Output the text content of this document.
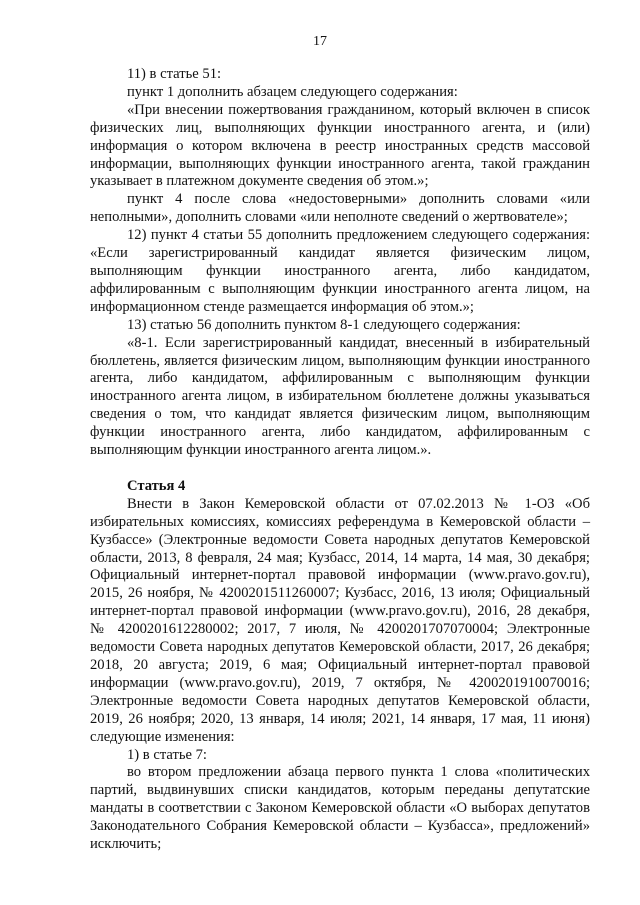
17

11) в статье 51:

пункт 1 дополнить абзацем следующего содержания:

«При внесении пожертвования гражданином, который включен в список физических лиц, выполняющих функции иностранного агента, и (или) информация о котором включена в реестр иностранных средств массовой информации, выполняющих функции иностранного агента, такой гражданин указывает в платежном документе сведения об этом.»;

пункт 4 после слова «недостоверными» дополнить словами «или неполными», дополнить словами «или неполноте сведений о жертвователе»;

12) пункт 4 статьи 55 дополнить предложением следующего содержания: «Если зарегистрированный кандидат является физическим лицом, выполняющим функции иностранного агента, либо кандидатом, аффилированным с выполняющим функции иностранного агента лицом, на информационном стенде размещается информация об этом.»;

13) статью 56 дополнить пунктом 8-1 следующего содержания:

«8-1. Если зарегистрированный кандидат, внесенный в избирательный бюллетень, является физическим лицом, выполняющим функции иностранного агента, либо кандидатом, аффилированным с выполняющим функции иностранного агента лицом, в избирательном бюллетене должны указываться сведения о том, что кандидат является физическим лицом, выполняющим функции иностранного агента, либо кандидатом, аффилированным с выполняющим функции иностранного агента лицом.».

Статья 4

Внести в Закон Кемеровской области от 07.02.2013 № 1-ОЗ «Об избирательных комиссиях, комиссиях референдума в Кемеровской области – Кузбассе» (Электронные ведомости Совета народных депутатов Кемеровской области, 2013, 8 февраля, 24 мая; Кузбасс, 2014, 14 марта, 14 мая, 30 декабря; Официальный интернет-портал правовой информации (www.pravo.gov.ru), 2015, 26 ноября, № 4200201511260007; Кузбасс, 2016, 13 июля; Официальный интернет-портал правовой информации (www.pravo.gov.ru), 2016, 28 декабря, № 4200201612280002; 2017, 7 июля, № 4200201707070004; Электронные ведомости Совета народных депутатов Кемеровской области, 2017, 26 декабря; 2018, 20 августа; 2019, 6 мая; Официальный интернет-портал правовой информации (www.pravo.gov.ru), 2019, 7 октября, № 4200201910070016; Электронные ведомости Совета народных депутатов Кемеровской области, 2019, 26 ноября; 2020, 13 января, 14 июля; 2021, 14 января, 17 мая, 11 июня) следующие изменения:

1) в статье 7:

во втором предложении абзаца первого пункта 1 слова «политических партий, выдвинувших списки кандидатов, которым переданы депутатские мандаты в соответствии с Законом Кемеровской области «О выборах депутатов Законодательного Собрания Кемеровской области – Кузбасса», предложений» исключить;
